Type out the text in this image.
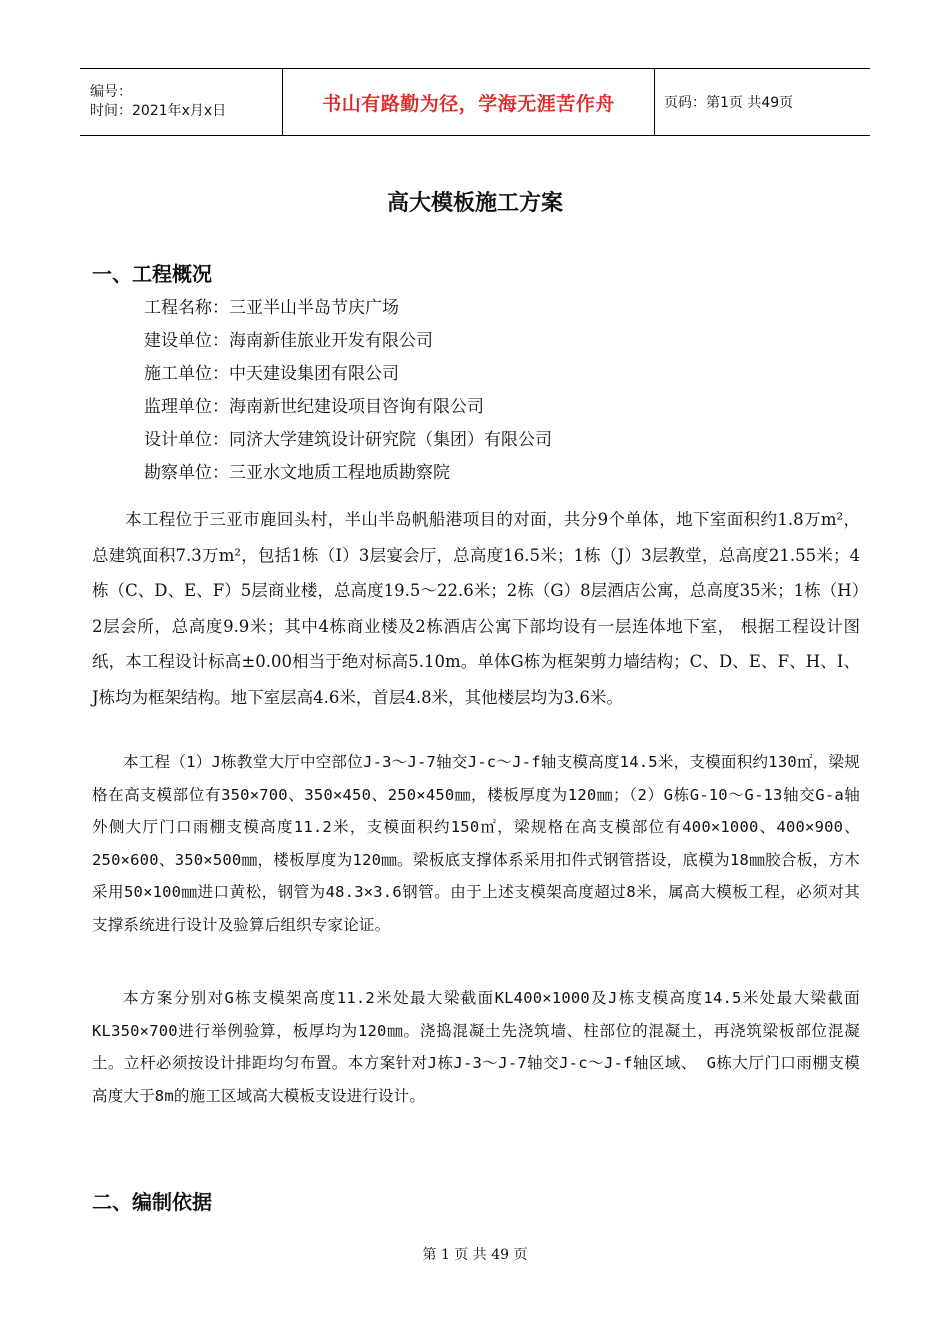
编号：
时间：2021年x月x日	书山有路勤为径，学海无涯苦作舟	页码：第1页 共49页
高大模板施工方案
一、工程概况
工程名称：三亚半山半岛节庆广场
建设单位：海南新佳旅业开发有限公司
施工单位：中天建设集团有限公司
监理单位：海南新世纪建设项目咨询有限公司
设计单位：同济大学建筑设计研究院（集团）有限公司
勘察单位：三亚水文地质工程地质勘察院

本工程位于三亚市鹿回头村，半山半岛帆船港项目的对面，共分9个单体，地下室面积约1.8万m²，总建筑面积7.3万m²，包括1栋（I）3层宴会厅，总高度16.5米；1栋（J）3层教堂，总高度21.55米；4栋（C、D、E、F）5层商业楼，总高度19.5～22.6米；2栋（G）8层酒店公寓，总高度35米；1栋（H）2层会所，总高度9.9米；其中4栋商业楼及2栋酒店公寓下部均设有一层连体地下室， 根据工程设计图纸，本工程设计标高±0.00相当于绝对标高5.10m。单体G栋为框架剪力墙结构；C、D、E、F、H、I、J栋均为框架结构。地下室层高4.6米，首层4.8米，其他楼层均为3.6米。

本工程（1）J栋教堂大厅中空部位J-3～J-7轴交J-c～J-f轴支模高度14.5米，支模面积约130㎡，梁规格在高支模部位有350×700、350×450、250×450㎜，楼板厚度为120㎜；（2）G栋G-10～G-13轴交G-a轴外侧大厅门口雨棚支模高度11.2米，支模面积约150㎡，梁规格在高支模部位有400×1000、400×900、250×600、350×500㎜，楼板厚度为120㎜。梁板底支撑体系采用扣件式钢管搭设，底模为18㎜胶合板，方木采用50×100㎜进口黄松，钢管为48.3×3.6钢管。由于上述支模架高度超过8米，属高大模板工程，必须对其支撑系统进行设计及验算后组织专家论证。

本方案分别对G栋支模架高度11.2米处最大梁截面KL400×1000及J栋支模高度14.5米处最大梁截面KL350×700进行举例验算，板厚均为120㎜。浇捣混凝土先浇筑墙、柱部位的混凝土，再浇筑梁板部位混凝土。立杆必须按设计排距均匀布置。本方案针对J栋J-3～J-7轴交J-c～J-f轴区域、 G栋大厅门口雨棚支模高度大于8m的施工区域高大模板支设进行设计。

二、编制依据
第 1 页 共 49 页
